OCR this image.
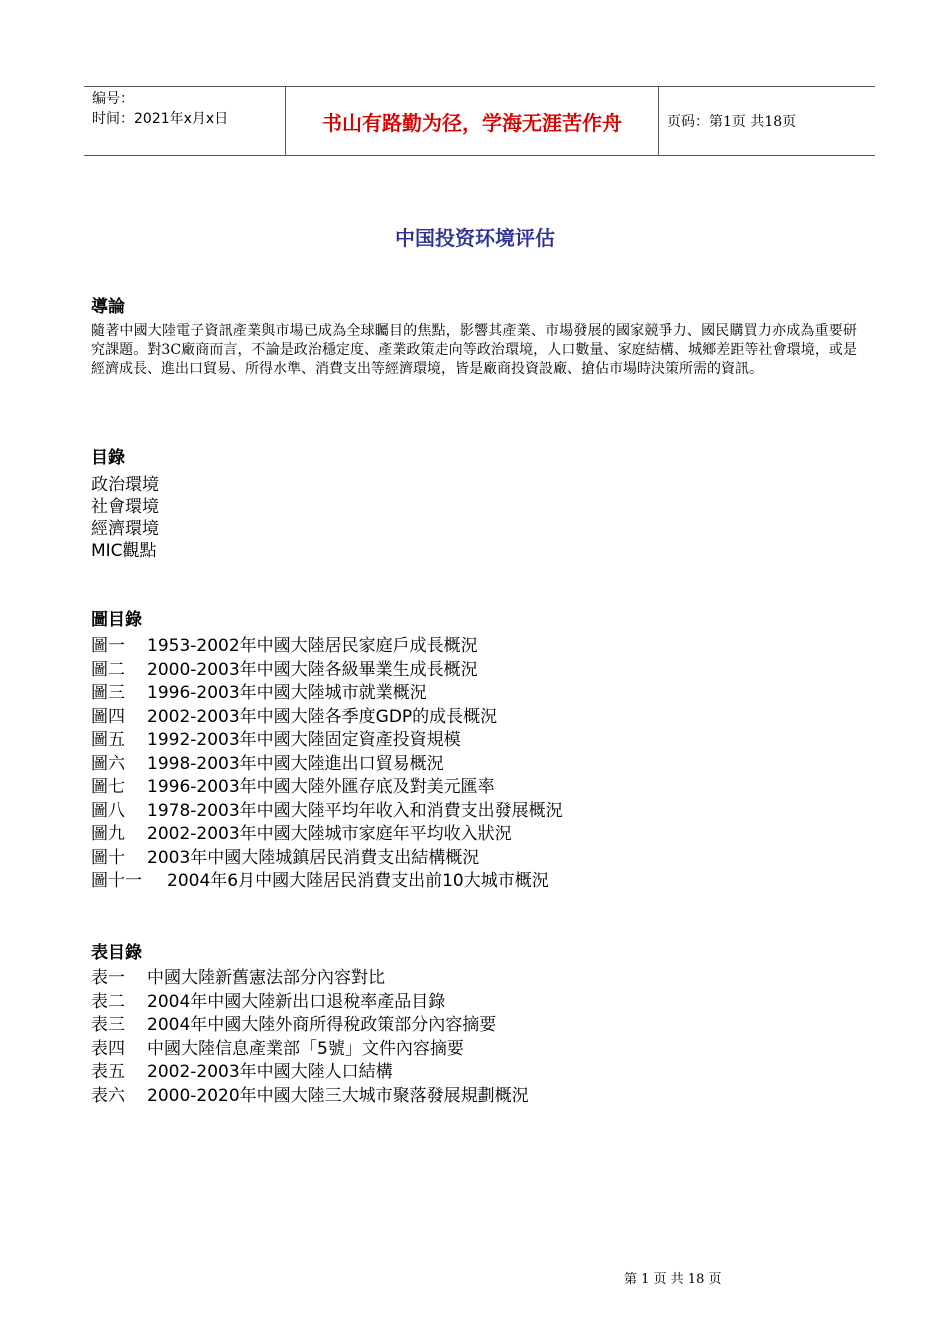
编号：
时间：2021年x月x日	书山有路勤为径，学海无涯苦作舟	页码：第1页 共18页
中国投资环境评估
導論
隨著中國大陸電子資訊產業與市場已成為全球矚目的焦點，影響其產業、市場發展的國家競爭力、國民購買力亦成為重要研究課題。對3C廠商而言，不論是政治穩定度、產業政策走向等政治環境，人口數量、家庭結構、城鄉差距等社會環境，或是經濟成長、進出口貿易、所得水準、消費支出等經濟環境，皆是廠商投資設廠、搶佔市場時決策所需的資訊。
目錄
政治環境
社會環境
經濟環境
MIC觀點
圖目錄
圖一	1953-2002年中國大陸居民家庭戶成長概況
圖二	2000-2003年中國大陸各級畢業生成長概況
圖三	1996-2003年中國大陸城市就業概況
圖四	2002-2003年中國大陸各季度GDP的成長概況
圖五	1992-2003年中國大陸固定資產投資規模
圖六	1998-2003年中國大陸進出口貿易概況
圖七	1996-2003年中國大陸外匯存底及對美元匯率
圖八	1978-2003年中國大陸平均年收入和消費支出發展概況
圖九	2002-2003年中國大陸城市家庭年平均收入狀況
圖十	2003年中國大陸城鎮居民消費支出結構概況
圖十一	2004年6月中國大陸居民消費支出前10大城市概況
表目錄
表一	中國大陸新舊憲法部分內容對比
表二	2004年中國大陸新出口退稅率產品目錄
表三	2004年中國大陸外商所得稅政策部分內容摘要
表四	中國大陸信息產業部「5號」文件內容摘要
表五	2002-2003年中國大陸人口結構
表六	2000-2020年中國大陸三大城市聚落發展規劃概況
第 1 页 共 18 页
